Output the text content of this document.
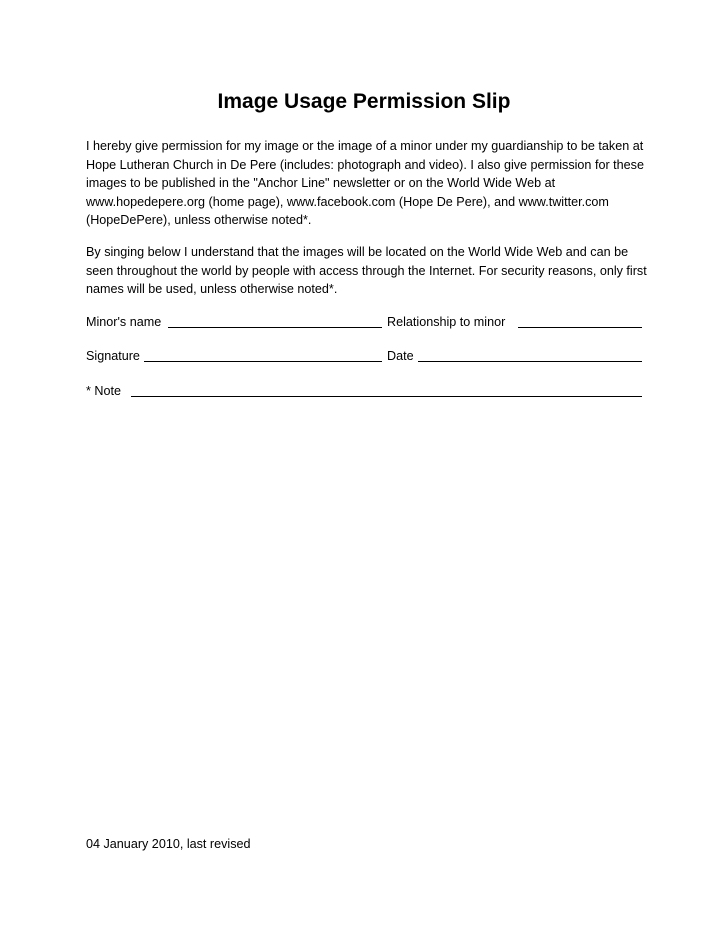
Image Usage Permission Slip

I hereby give permission for my image or the image of a minor under my guardianship to be taken at Hope Lutheran Church in De Pere (includes: photograph and video). I also give permission for these images to be published in the "Anchor Line" newsletter or on the World Wide Web at www.hopedepere.org (home page), www.facebook.com (Hope De Pere), and www.twitter.com (HopeDePere), unless otherwise noted*.

By singing below I understand that the images will be located on the World Wide Web and can be seen throughout the world by people with access through the Internet. For security reasons, only first names will be used, unless otherwise noted*.

Minor's name	Relationship to minor
Signature	Date
* Note
04 January 2010, last revised
